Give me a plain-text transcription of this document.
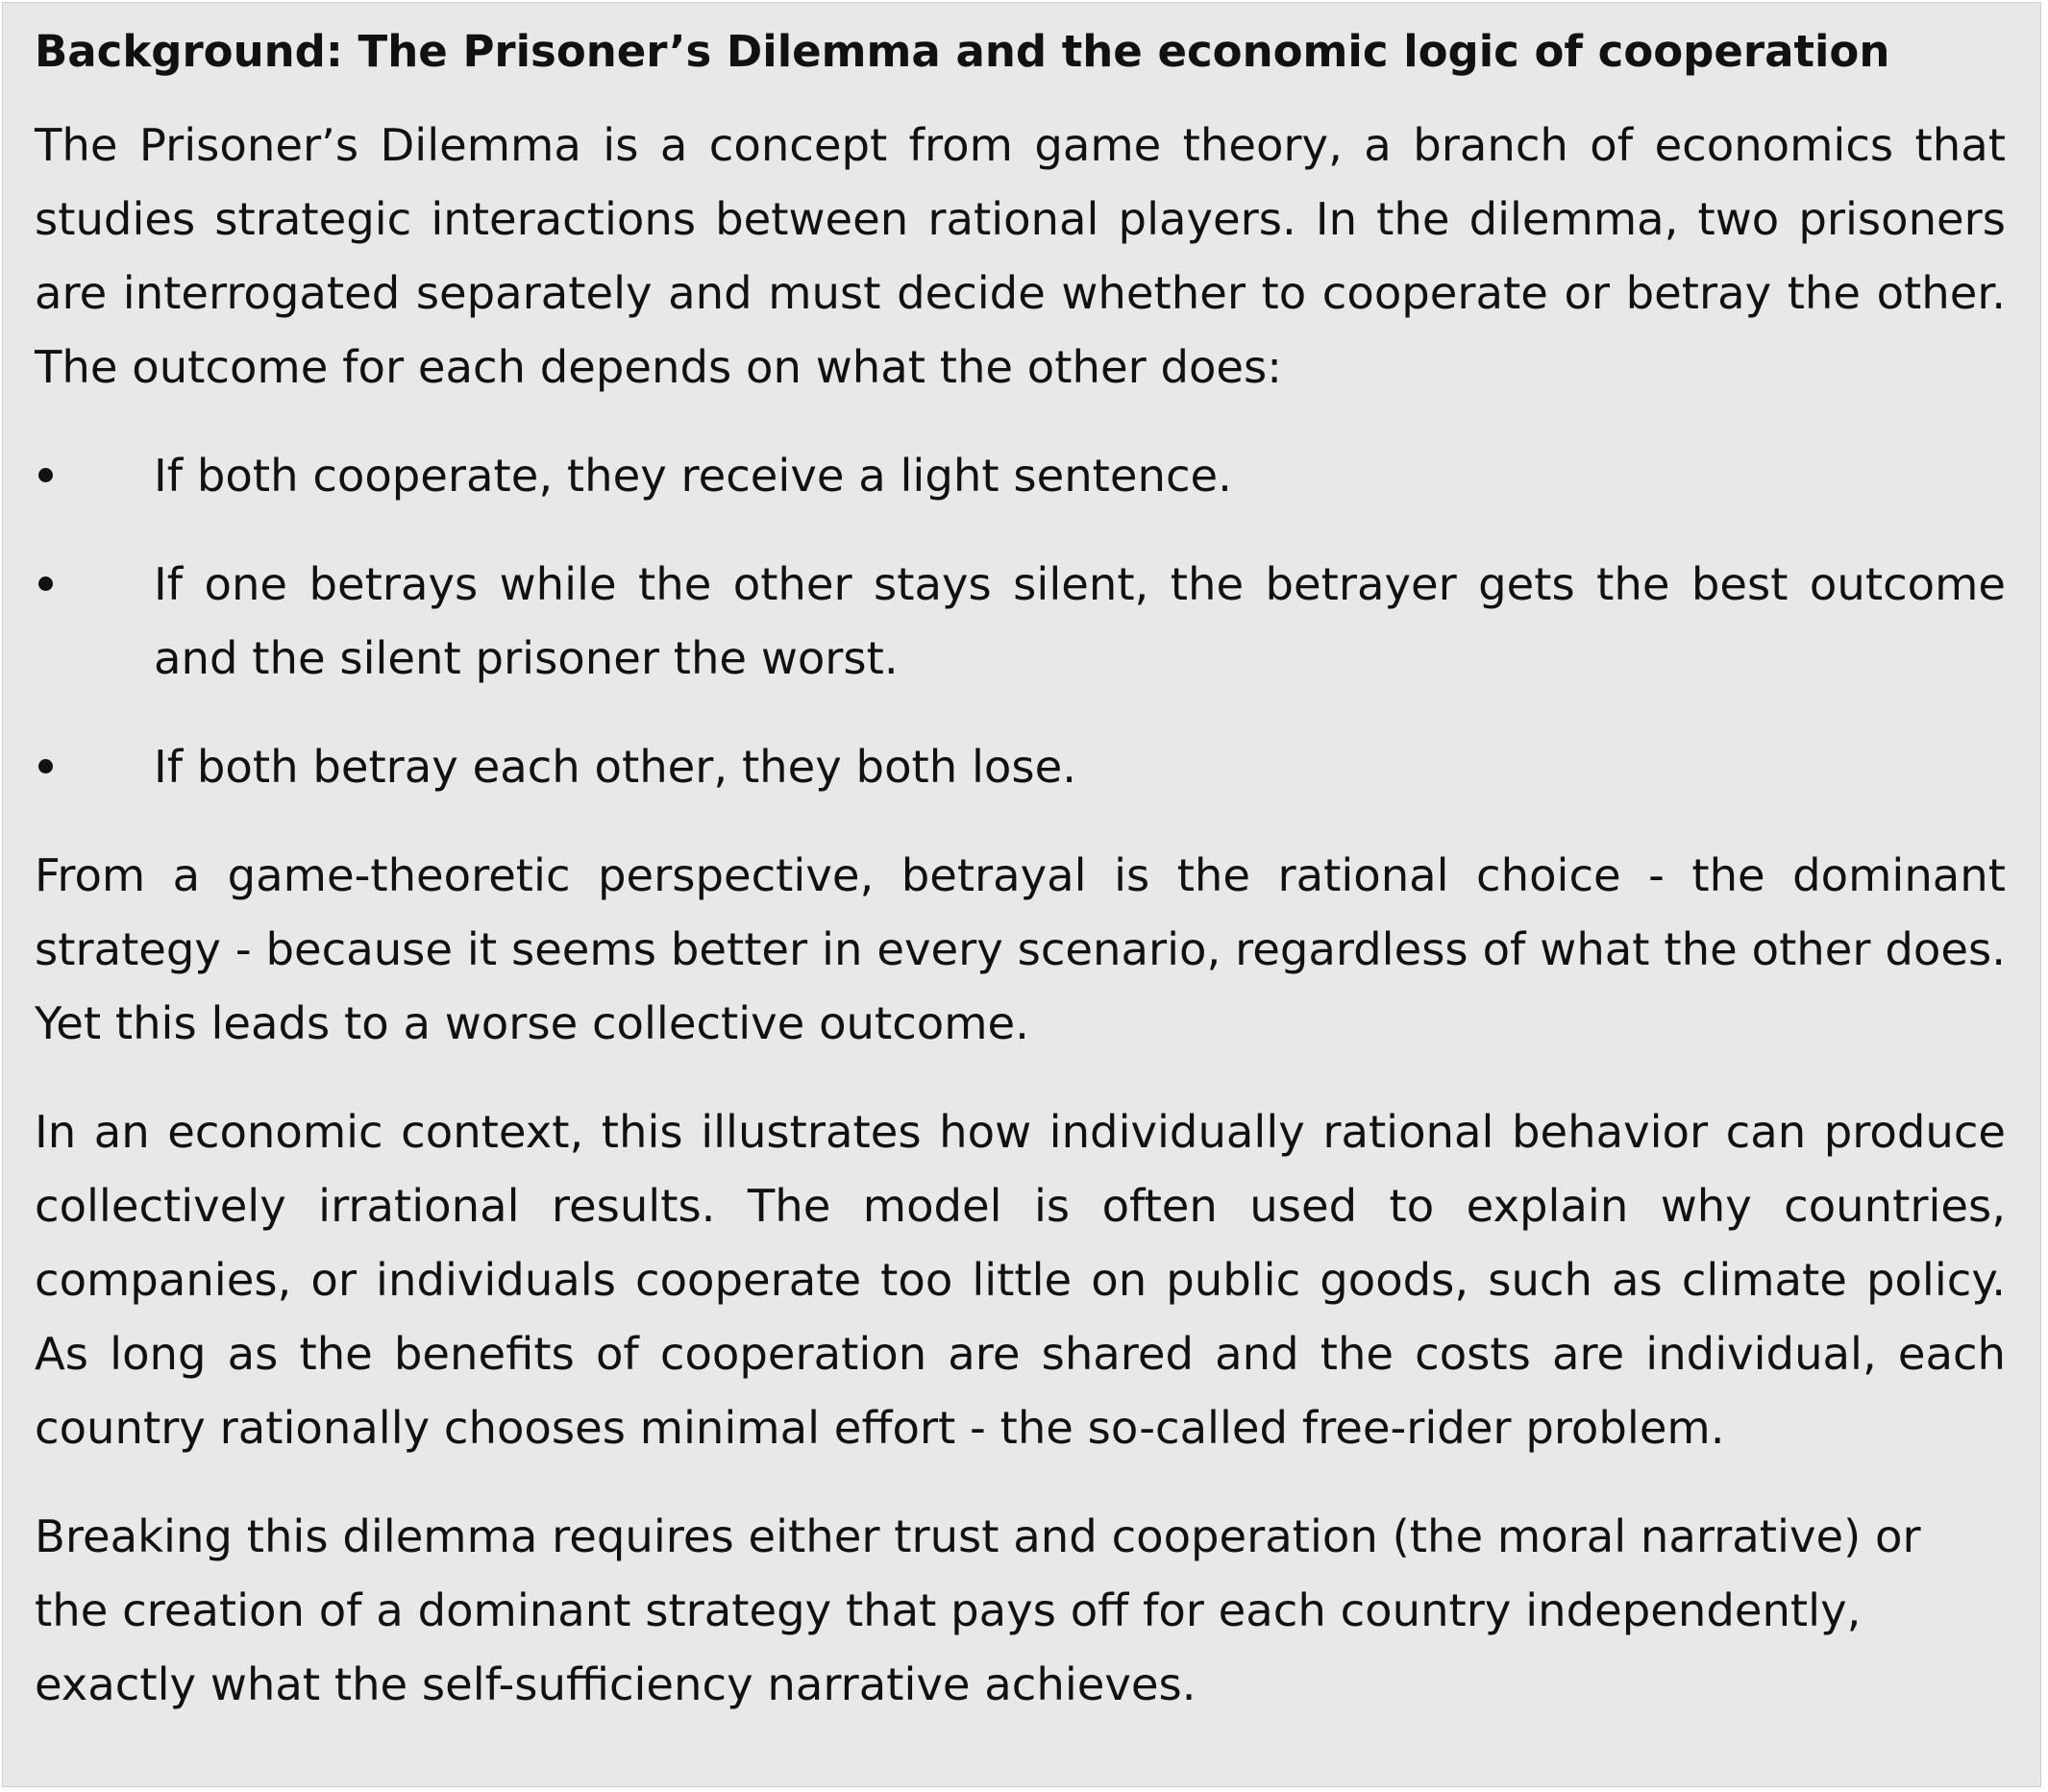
Background: The Prisoner’s Dilemma and the economic logic of cooperation

The Prisoner’s Dilemma is a concept from game theory, a branch of economics that studies strategic interactions between rational players. In the dilemma, two prisoners are interrogated separately and must decide whether to cooperate or betray the other. The outcome for each depends on what the other does:

If both cooperate, they receive a light sentence.
If one betrays while the other stays silent, the betrayer gets the best outcome and the silent prisoner the worst.
If both betray each other, they both lose.

From a game-theoretic perspective, betrayal is the rational choice - the dominant strategy - because it seems better in every scenario, regardless of what the other does. Yet this leads to a worse collective outcome.

In an economic context, this illustrates how individually rational behavior can produce collectively irrational results. The model is often used to explain why countries, companies, or individuals cooperate too little on public goods, such as climate policy. As long as the benefits of cooperation are shared and the costs are individual, each country rationally chooses minimal effort - the so-called free-rider problem.

Breaking this dilemma requires either trust and cooperation (the moral narrative) or the creation of a dominant strategy that pays off for each country independently, exactly what the self-sufficiency narrative achieves.
